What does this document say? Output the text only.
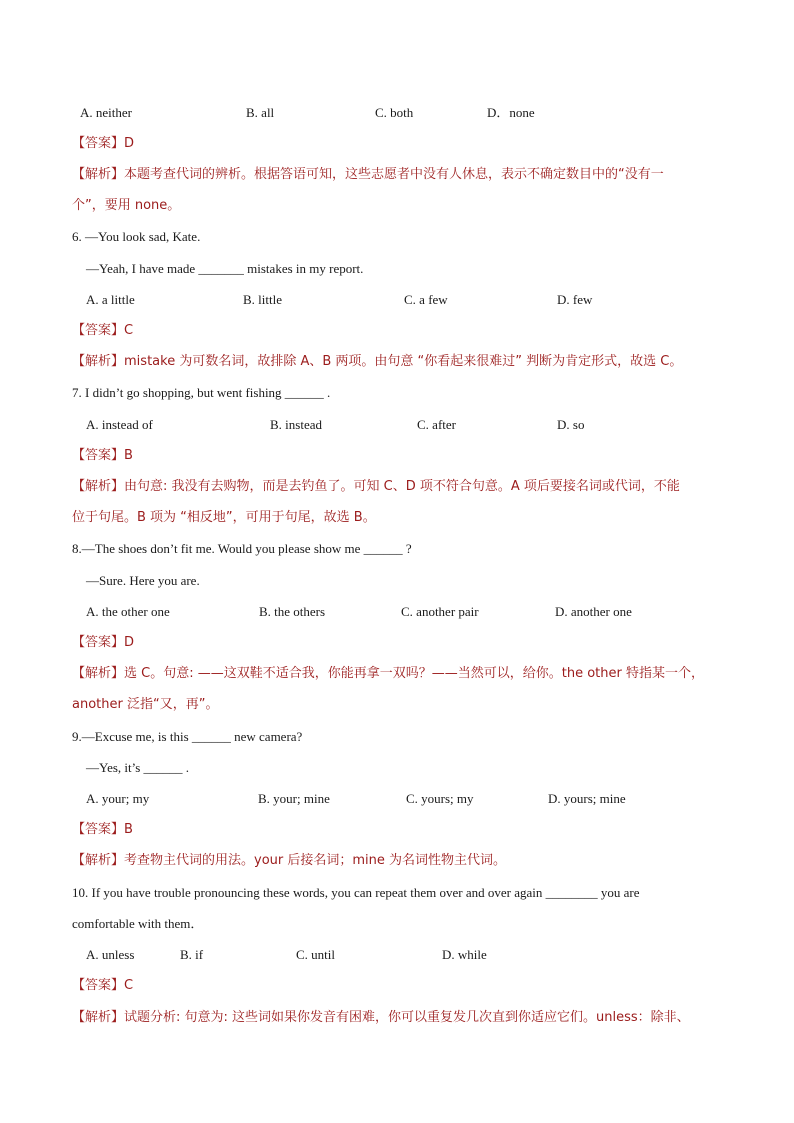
A. neither	B. all	C. both	D．none
【答案】D
【解析】本题考查代词的辨析。根据答语可知，这些志愿者中没有人休息，表示不确定数目中的“没有一
个”，要用 none。
6. —You look sad, Kate.
—Yeah, I have made _______ mistakes in my report.
A. a little	B. little	C. a few	D. few
【答案】C
【解析】mistake 为可数名词，故排除 A、B 两项。由句意 “你看起来很难过” 判断为肯定形式，故选 C。
7. I didn’t go shopping, but went fishing ______ .
A. instead of	B. instead	C. after	D. so
【答案】B
【解析】由句意: 我没有去购物，而是去钓鱼了。可知 C、D 项不符合句意。A 项后要接名词或代词，不能
位于句尾。B 项为 “相反地”，可用于句尾，故选 B。
8.—The shoes don’t fit me. Would you please show me ______ ?
—Sure. Here you are.
A. the other one	B. the others	C. another pair	D. another one
【答案】D
【解析】选 C。句意: ——这双鞋不适合我，你能再拿一双吗？——当然可以，给你。the other 特指某一个，
another 泛指“又，再”。
9.—Excuse me, is this ______ new camera?
—Yes, it’s ______ .
A. your; my	B. your; mine	C. yours; my	D. yours; mine
【答案】B
【解析】考查物主代词的用法。your 后接名词；mine 为名词性物主代词。
10. If you have trouble pronouncing these words, you can repeat them over and over again ________ you are
comfortable with them．
A. unless	B. if	C. until	D. while
【答案】C
【解析】试题分析: 句意为: 这些词如果你发音有困难，你可以重复发几次直到你适应它们。unless：除非、
